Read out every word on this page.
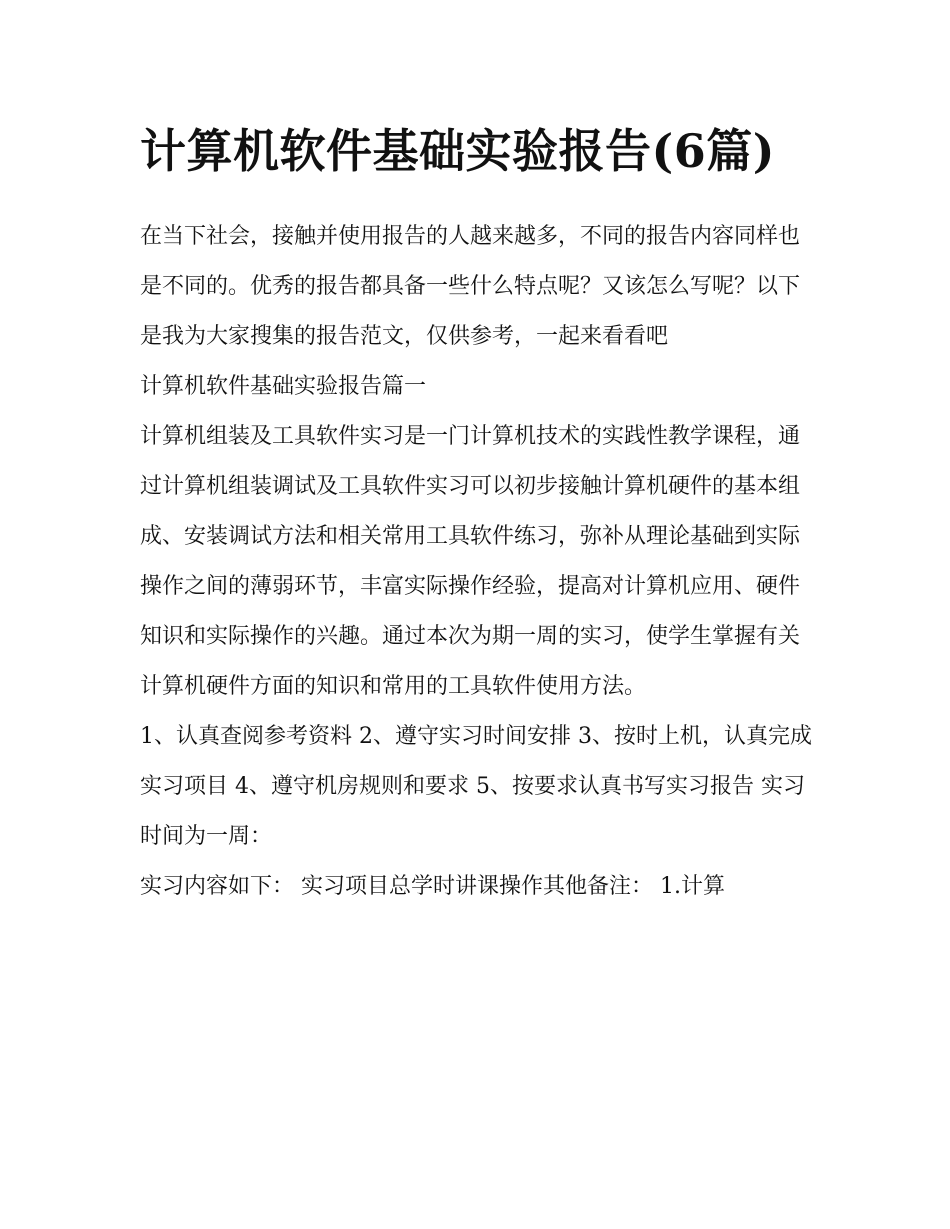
计算机软件基础实验报告(6篇)

在当下社会，接触并使用报告的人越来越多，不同的报告内容同样也是不同的。优秀的报告都具备一些什么特点呢？又该怎么写呢？以下是我为大家搜集的报告范文，仅供参考，一起来看看吧

计算机软件基础实验报告篇一

计算机组装及工具软件实习是一门计算机技术的实践性教学课程，通过计算机组装调试及工具软件实习可以初步接触计算机硬件的基本组成、安装调试方法和相关常用工具软件练习，弥补从理论基础到实际操作之间的薄弱环节，丰富实际操作经验，提高对计算机应用、硬件知识和实际操作的兴趣。通过本次为期一周的实习，使学生掌握有关计算机硬件方面的知识和常用的工具软件使用方法。

1、认真查阅参考资料 2、遵守实习时间安排 3、按时上机，认真完成实习项目 4、遵守机房规则和要求 5、按要求认真书写实习报告 实习时间为一周：

实习内容如下： 实习项目总学时讲课操作其他备注： 1.计算
